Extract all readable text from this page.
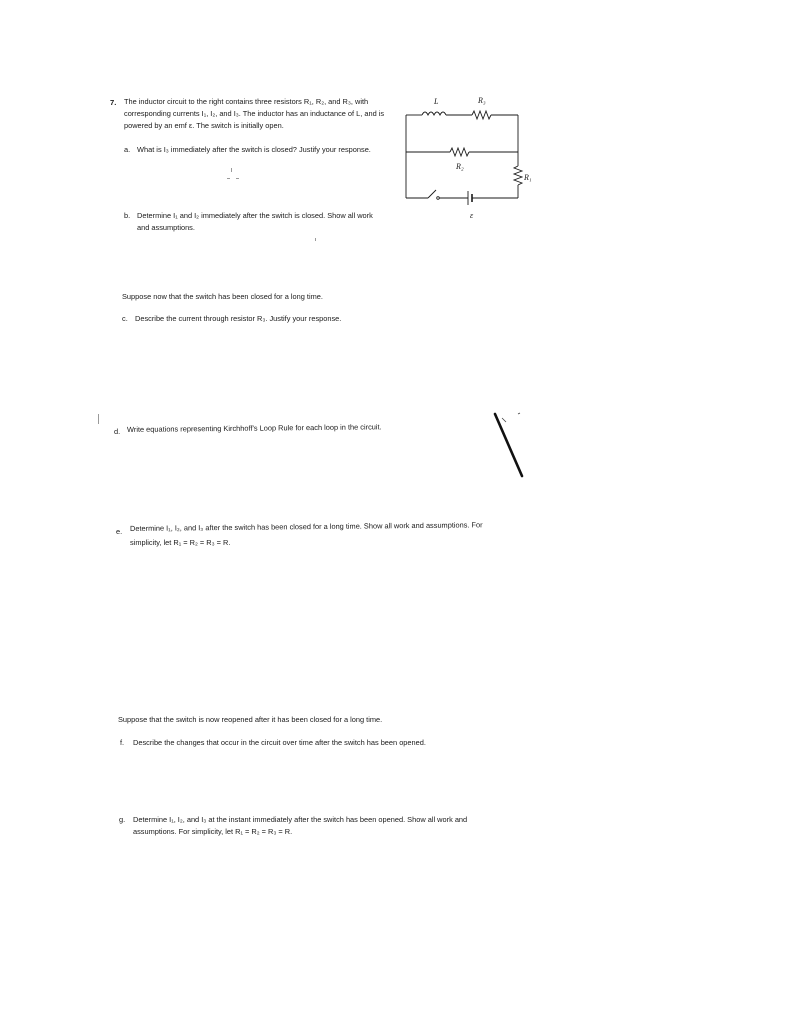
7. The inductor circuit to the right contains three resistors R₁, R₂, and R₃, with
corresponding currents I₁, I₂, and I₃. The inductor has an inductance of L, and is
powered by an emf ε. The switch is initially open.
a. What is I₃ immediately after the switch is closed? Justify your response.
b. Determine I₁ and I₂ immediately after the switch is closed. Show all work
and assumptions.
Suppose now that the switch has been closed for a long time.
c. Describe the current through resistor R₃. Justify your response.
d. Write equations representing Kirchhoff's Loop Rule for each loop in the circuit.
e. Determine I₁, I₂, and I₃ after the switch has been closed for a long time. Show all work and assumptions. For
simplicity, let R₁ = R₂ = R₃ = R.
Suppose that the switch is now reopened after it has been closed for a long time.
f. Describe the changes that occur in the circuit over time after the switch has been opened.
g. Determine I₁, I₂, and I₃ at the instant immediately after the switch has been opened. Show all work and
assumptions. For simplicity, let R₁ = R₂ = R₃ = R.
L	R₃
R₂
R₁
ε
